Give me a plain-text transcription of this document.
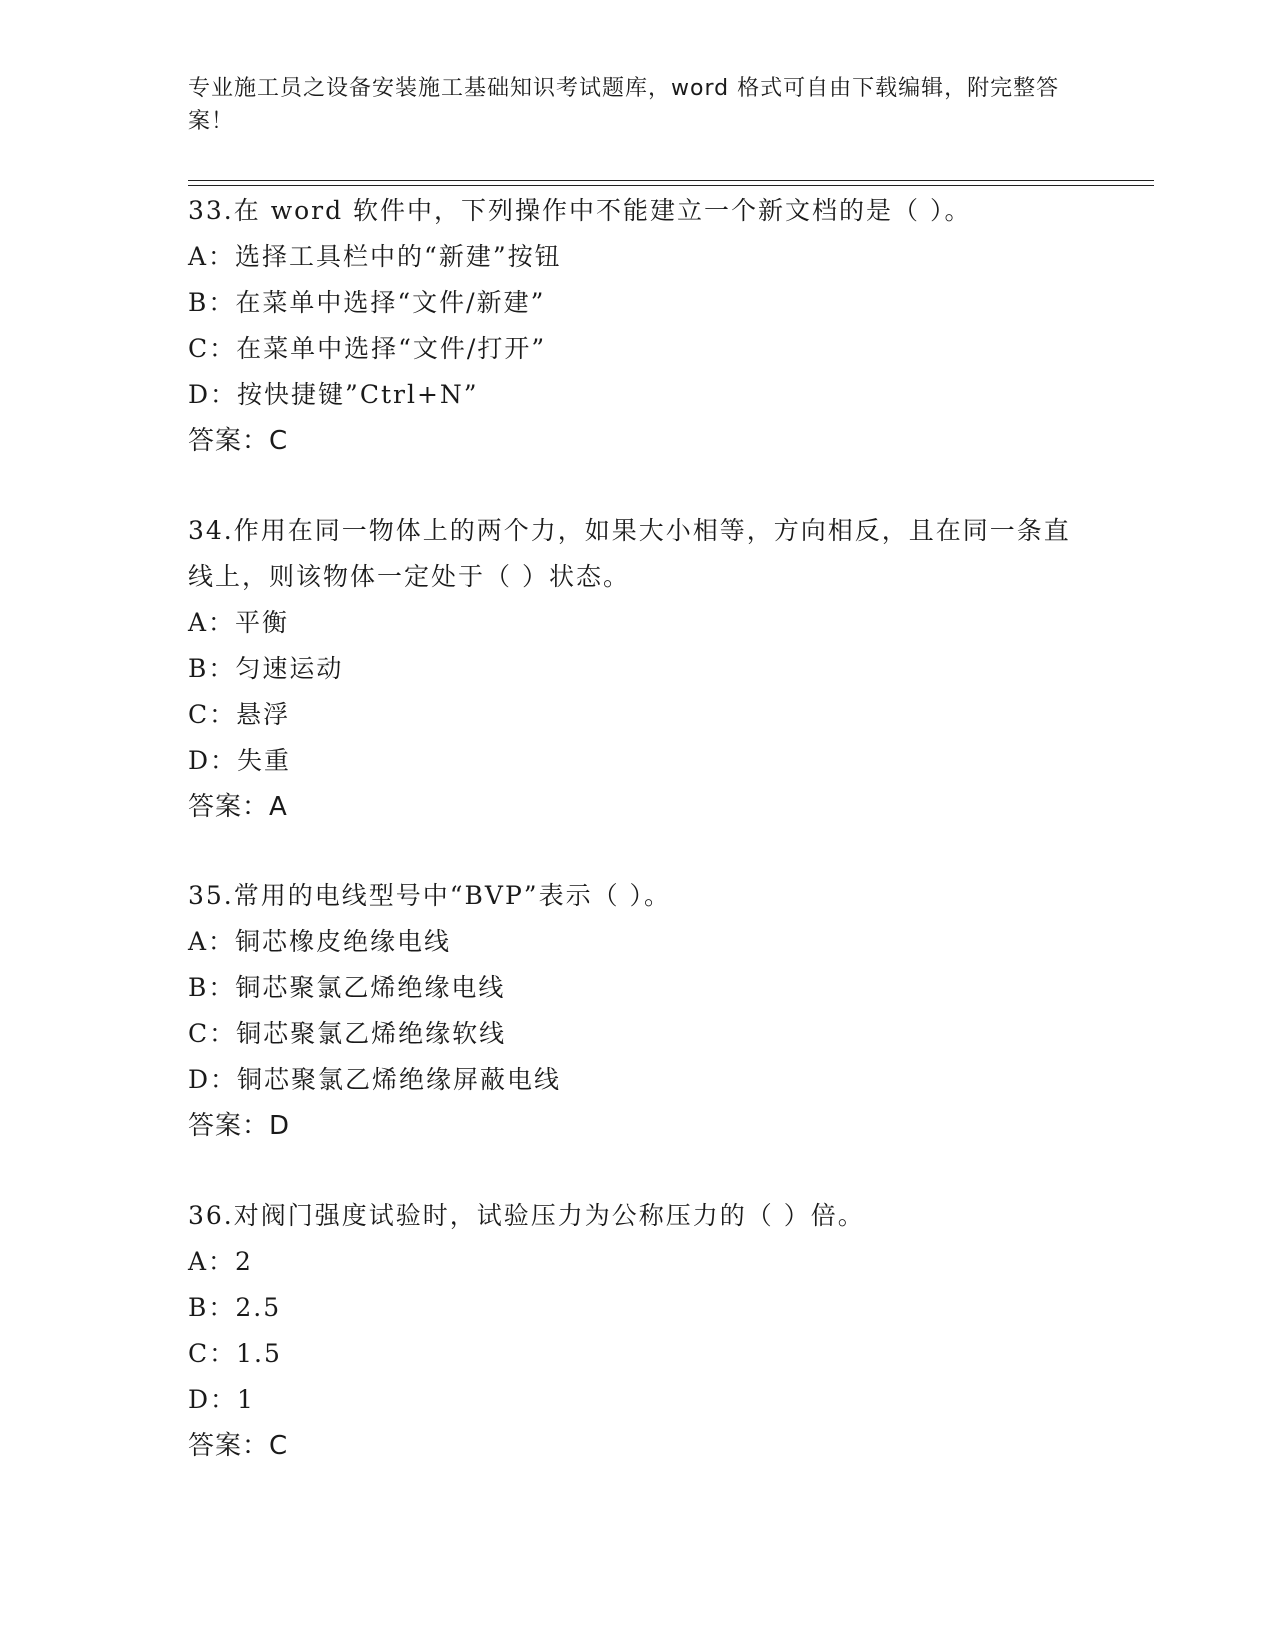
专业施工员之设备安装施工基础知识考试题库，word 格式可自由下载编辑，附完整答案！

33.在 word 软件中，下列操作中不能建立一个新文档的是（ ）。

A：选择工具栏中的“新建”按钮
B：在菜单中选择“文件/新建”
C：在菜单中选择“文件/打开”
D：按快捷键”Ctrl+N”

答案：C

34.作用在同一物体上的两个力，如果大小相等，方向相反，且在同一条直线上，则该物体一定处于（ ）状态。

A：平衡
B：匀速运动
C：悬浮
D：失重

答案：A

35.常用的电线型号中“BVP”表示（ ）。

A：铜芯橡皮绝缘电线
B：铜芯聚氯乙烯绝缘电线
C：铜芯聚氯乙烯绝缘软线
D：铜芯聚氯乙烯绝缘屏蔽电线

答案：D

36.对阀门强度试验时，试验压力为公称压力的（ ）倍。

A：2
B：2.5
C：1.5
D：1

答案：C
